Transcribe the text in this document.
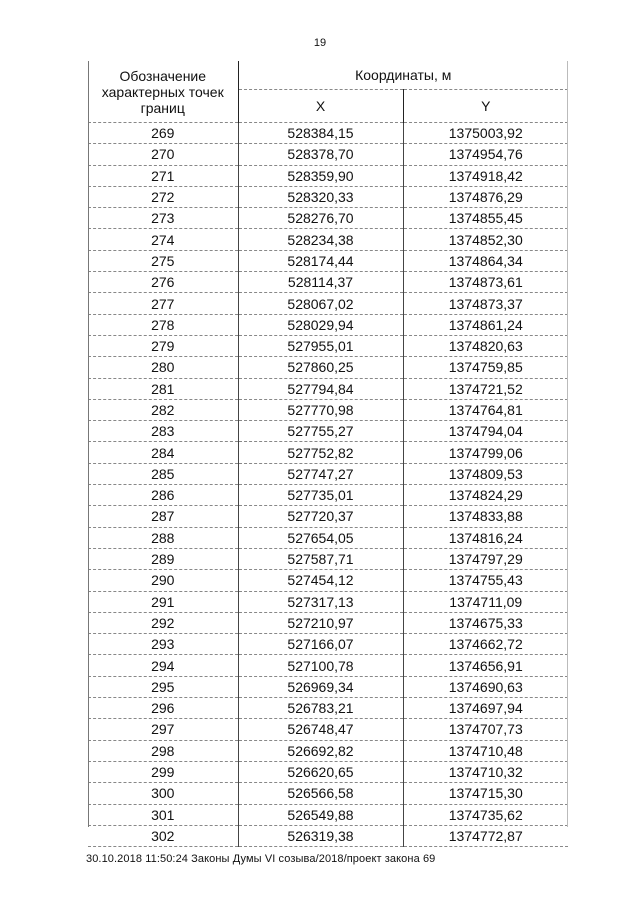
19
Обозначение характерных точек границ	Координаты, м	
	X	Y
269	528384,15	1375003,92
270	528378,70	1374954,76
271	528359,90	1374918,42
272	528320,33	1374876,29
273	528276,70	1374855,45
274	528234,38	1374852,30
275	528174,44	1374864,34
276	528114,37	1374873,61
277	528067,02	1374873,37
278	528029,94	1374861,24
279	527955,01	1374820,63
280	527860,25	1374759,85
281	527794,84	1374721,52
282	527770,98	1374764,81
283	527755,27	1374794,04
284	527752,82	1374799,06
285	527747,27	1374809,53
286	527735,01	1374824,29
287	527720,37	1374833,88
288	527654,05	1374816,24
289	527587,71	1374797,29
290	527454,12	1374755,43
291	527317,13	1374711,09
292	527210,97	1374675,33
293	527166,07	1374662,72
294	527100,78	1374656,91
295	526969,34	1374690,63
296	526783,21	1374697,94
297	526748,47	1374707,73
298	526692,82	1374710,48
299	526620,65	1374710,32
300	526566,58	1374715,30
301	526549,88	1374735,62
302	526319,38	1374772,87
30.10.2018 11:50:24 Законы Думы VI созыва/2018/проект закона 69
